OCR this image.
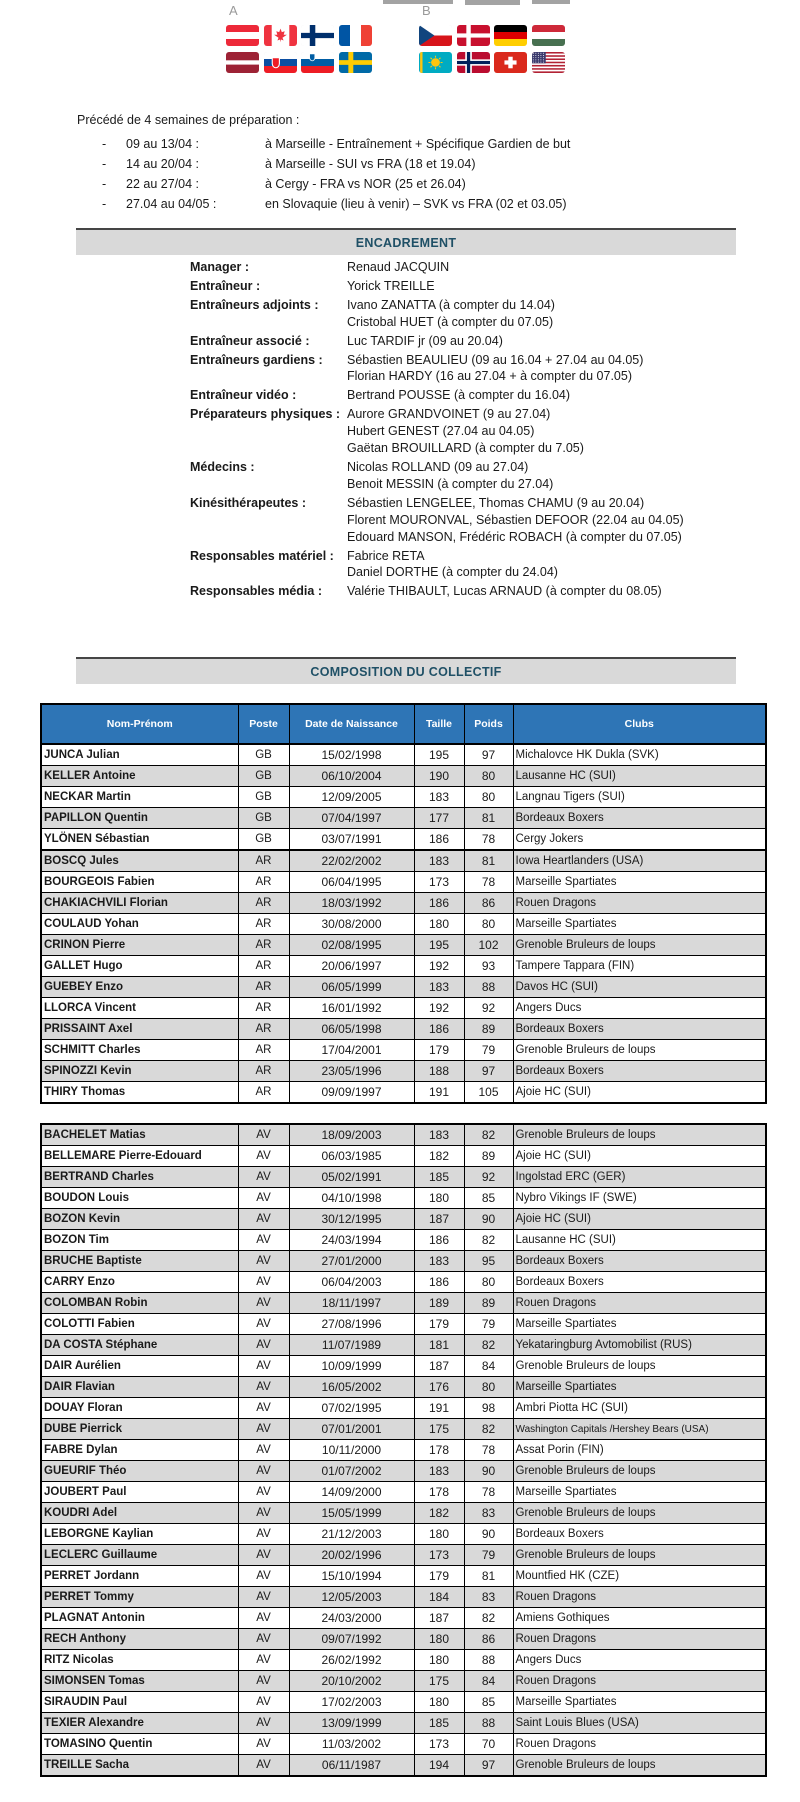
A	B
Précédé de 4 semaines de préparation :
- 09 au 13/04 :	à Marseille - Entraînement + Spécifique Gardien de but
- 14 au 20/04 :	à Marseille - SUI vs FRA (18 et 19.04)
- 22 au 27/04 :	à Cergy - FRA vs NOR (25 et 26.04)
- 27.04 au 04/05 :	en Slovaquie (lieu à venir) – SVK vs FRA (02 et 03.05)
ENCADREMENT
Manager :	Renaud JACQUIN
Entraîneur :	Yorick TREILLE
Entraîneurs adjoints :	Ivano ZANATTA (à compter du 14.04)
Cristobal HUET (à compter du 07.05)
Entraîneur associé :	Luc TARDIF jr (09 au 20.04)
Entraîneurs gardiens :	Sébastien BEAULIEU (09 au 16.04 + 27.04 au 04.05)
Florian HARDY (16 au 27.04 + à compter du 07.05)
Entraîneur vidéo :	Bertrand POUSSE (à compter du 16.04)
Préparateurs physiques : Aurore GRANDVOINET (9 au 27.04)
Hubert GENEST (27.04 au 04.05)
Gaëtan BROUILLARD (à compter du 7.05)
Médecins :	Nicolas ROLLAND (09 au 27.04)
Benoit MESSIN (à compter du 27.04)
Kinésithérapeutes :	Sébastien LENGELEE, Thomas CHAMU (9 au 20.04)
Florent MOURONVAL, Sébastien DEFOOR (22.04 au 04.05)
Edouard MANSON, Frédéric ROBACH (à compter du 07.05)
Responsables matériel :	Fabrice RETA
Daniel DORTHE (à compter du 24.04)
Responsables média :	Valérie THIBAULT, Lucas ARNAUD (à compter du 08.05)
COMPOSITION DU COLLECTIF
Nom-Prénom	Poste	Date de Naissance	Taille	Poids	Clubs
JUNCA Julian	GB	15/02/1998	195	97	Michalovce HK Dukla (SVK)
KELLER Antoine	GB	06/10/2004	190	80	Lausanne HC (SUI)
NECKAR Martin	GB	12/09/2005	183	80	Langnau Tigers (SUI)
PAPILLON Quentin	GB	07/04/1997	177	81	Bordeaux Boxers
YLÖNEN Sébastian	GB	03/07/1991	186	78	Cergy Jokers
BOSCQ Jules	AR	22/02/2002	183	81	Iowa Heartlanders (USA)
BOURGEOIS Fabien	AR	06/04/1995	173	78	Marseille Spartiates
CHAKIACHVILI Florian	AR	18/03/1992	186	86	Rouen Dragons
COULAUD Yohan	AR	30/08/2000	180	80	Marseille Spartiates
CRINON Pierre	AR	02/08/1995	195	102	Grenoble Bruleurs de loups
GALLET Hugo	AR	20/06/1997	192	93	Tampere Tappara (FIN)
GUEBEY Enzo	AR	06/05/1999	183	88	Davos HC (SUI)
LLORCA Vincent	AR	16/01/1992	192	92	Angers Ducs
PRISSAINT Axel	AR	06/05/1998	186	89	Bordeaux Boxers
SCHMITT Charles	AR	17/04/2001	179	79	Grenoble Bruleurs de loups
SPINOZZI Kevin	AR	23/05/1996	188	97	Bordeaux Boxers
THIRY Thomas	AR	09/09/1997	191	105	Ajoie HC (SUI)
BACHELET Matias	AV	18/09/2003	183	82	Grenoble Bruleurs de loups
BELLEMARE Pierre-Edouard	AV	06/03/1985	182	89	Ajoie HC (SUI)
BERTRAND Charles	AV	05/02/1991	185	92	Ingolstad ERC (GER)
BOUDON Louis	AV	04/10/1998	180	85	Nybro Vikings IF (SWE)
BOZON Kevin	AV	30/12/1995	187	90	Ajoie HC (SUI)
BOZON Tim	AV	24/03/1994	186	82	Lausanne HC (SUI)
BRUCHE Baptiste	AV	27/01/2000	183	95	Bordeaux Boxers
CARRY Enzo	AV	06/04/2003	186	80	Bordeaux Boxers
COLOMBAN Robin	AV	18/11/1997	189	89	Rouen Dragons
COLOTTI Fabien	AV	27/08/1996	179	79	Marseille Spartiates
DA COSTA Stéphane	AV	11/07/1989	181	82	Yekataringburg Avtomobilist (RUS)
DAIR Aurélien	AV	10/09/1999	187	84	Grenoble Bruleurs de loups
DAIR Flavian	AV	16/05/2002	176	80	Marseille Spartiates
DOUAY Floran	AV	07/02/1995	191	98	Ambri Piotta HC (SUI)
DUBE Pierrick	AV	07/01/2001	175	82	Washington Capitals /Hershey Bears (USA)
FABRE Dylan	AV	10/11/2000	178	78	Assat Porin (FIN)
GUEURIF Théo	AV	01/07/2002	183	90	Grenoble Bruleurs de loups
JOUBERT Paul	AV	14/09/2000	178	78	Marseille Spartiates
KOUDRI Adel	AV	15/05/1999	182	83	Grenoble Bruleurs de loups
LEBORGNE Kaylian	AV	21/12/2003	180	90	Bordeaux Boxers
LECLERC Guillaume	AV	20/02/1996	173	79	Grenoble Bruleurs de loups
PERRET Jordann	AV	15/10/1994	179	81	Mountfied HK (CZE)
PERRET Tommy	AV	12/05/2003	184	83	Rouen Dragons
PLAGNAT Antonin	AV	24/03/2000	187	82	Amiens Gothiques
RECH Anthony	AV	09/07/1992	180	86	Rouen Dragons
RITZ Nicolas	AV	26/02/1992	180	88	Angers Ducs
SIMONSEN Tomas	AV	20/10/2002	175	84	Rouen Dragons
SIRAUDIN Paul	AV	17/02/2003	180	85	Marseille Spartiates
TEXIER Alexandre	AV	13/09/1999	185	88	Saint Louis Blues (USA)
TOMASINO Quentin	AV	11/03/2002	173	70	Rouen Dragons
TREILLE Sacha	AV	06/11/1987	194	97	Grenoble Bruleurs de loups
